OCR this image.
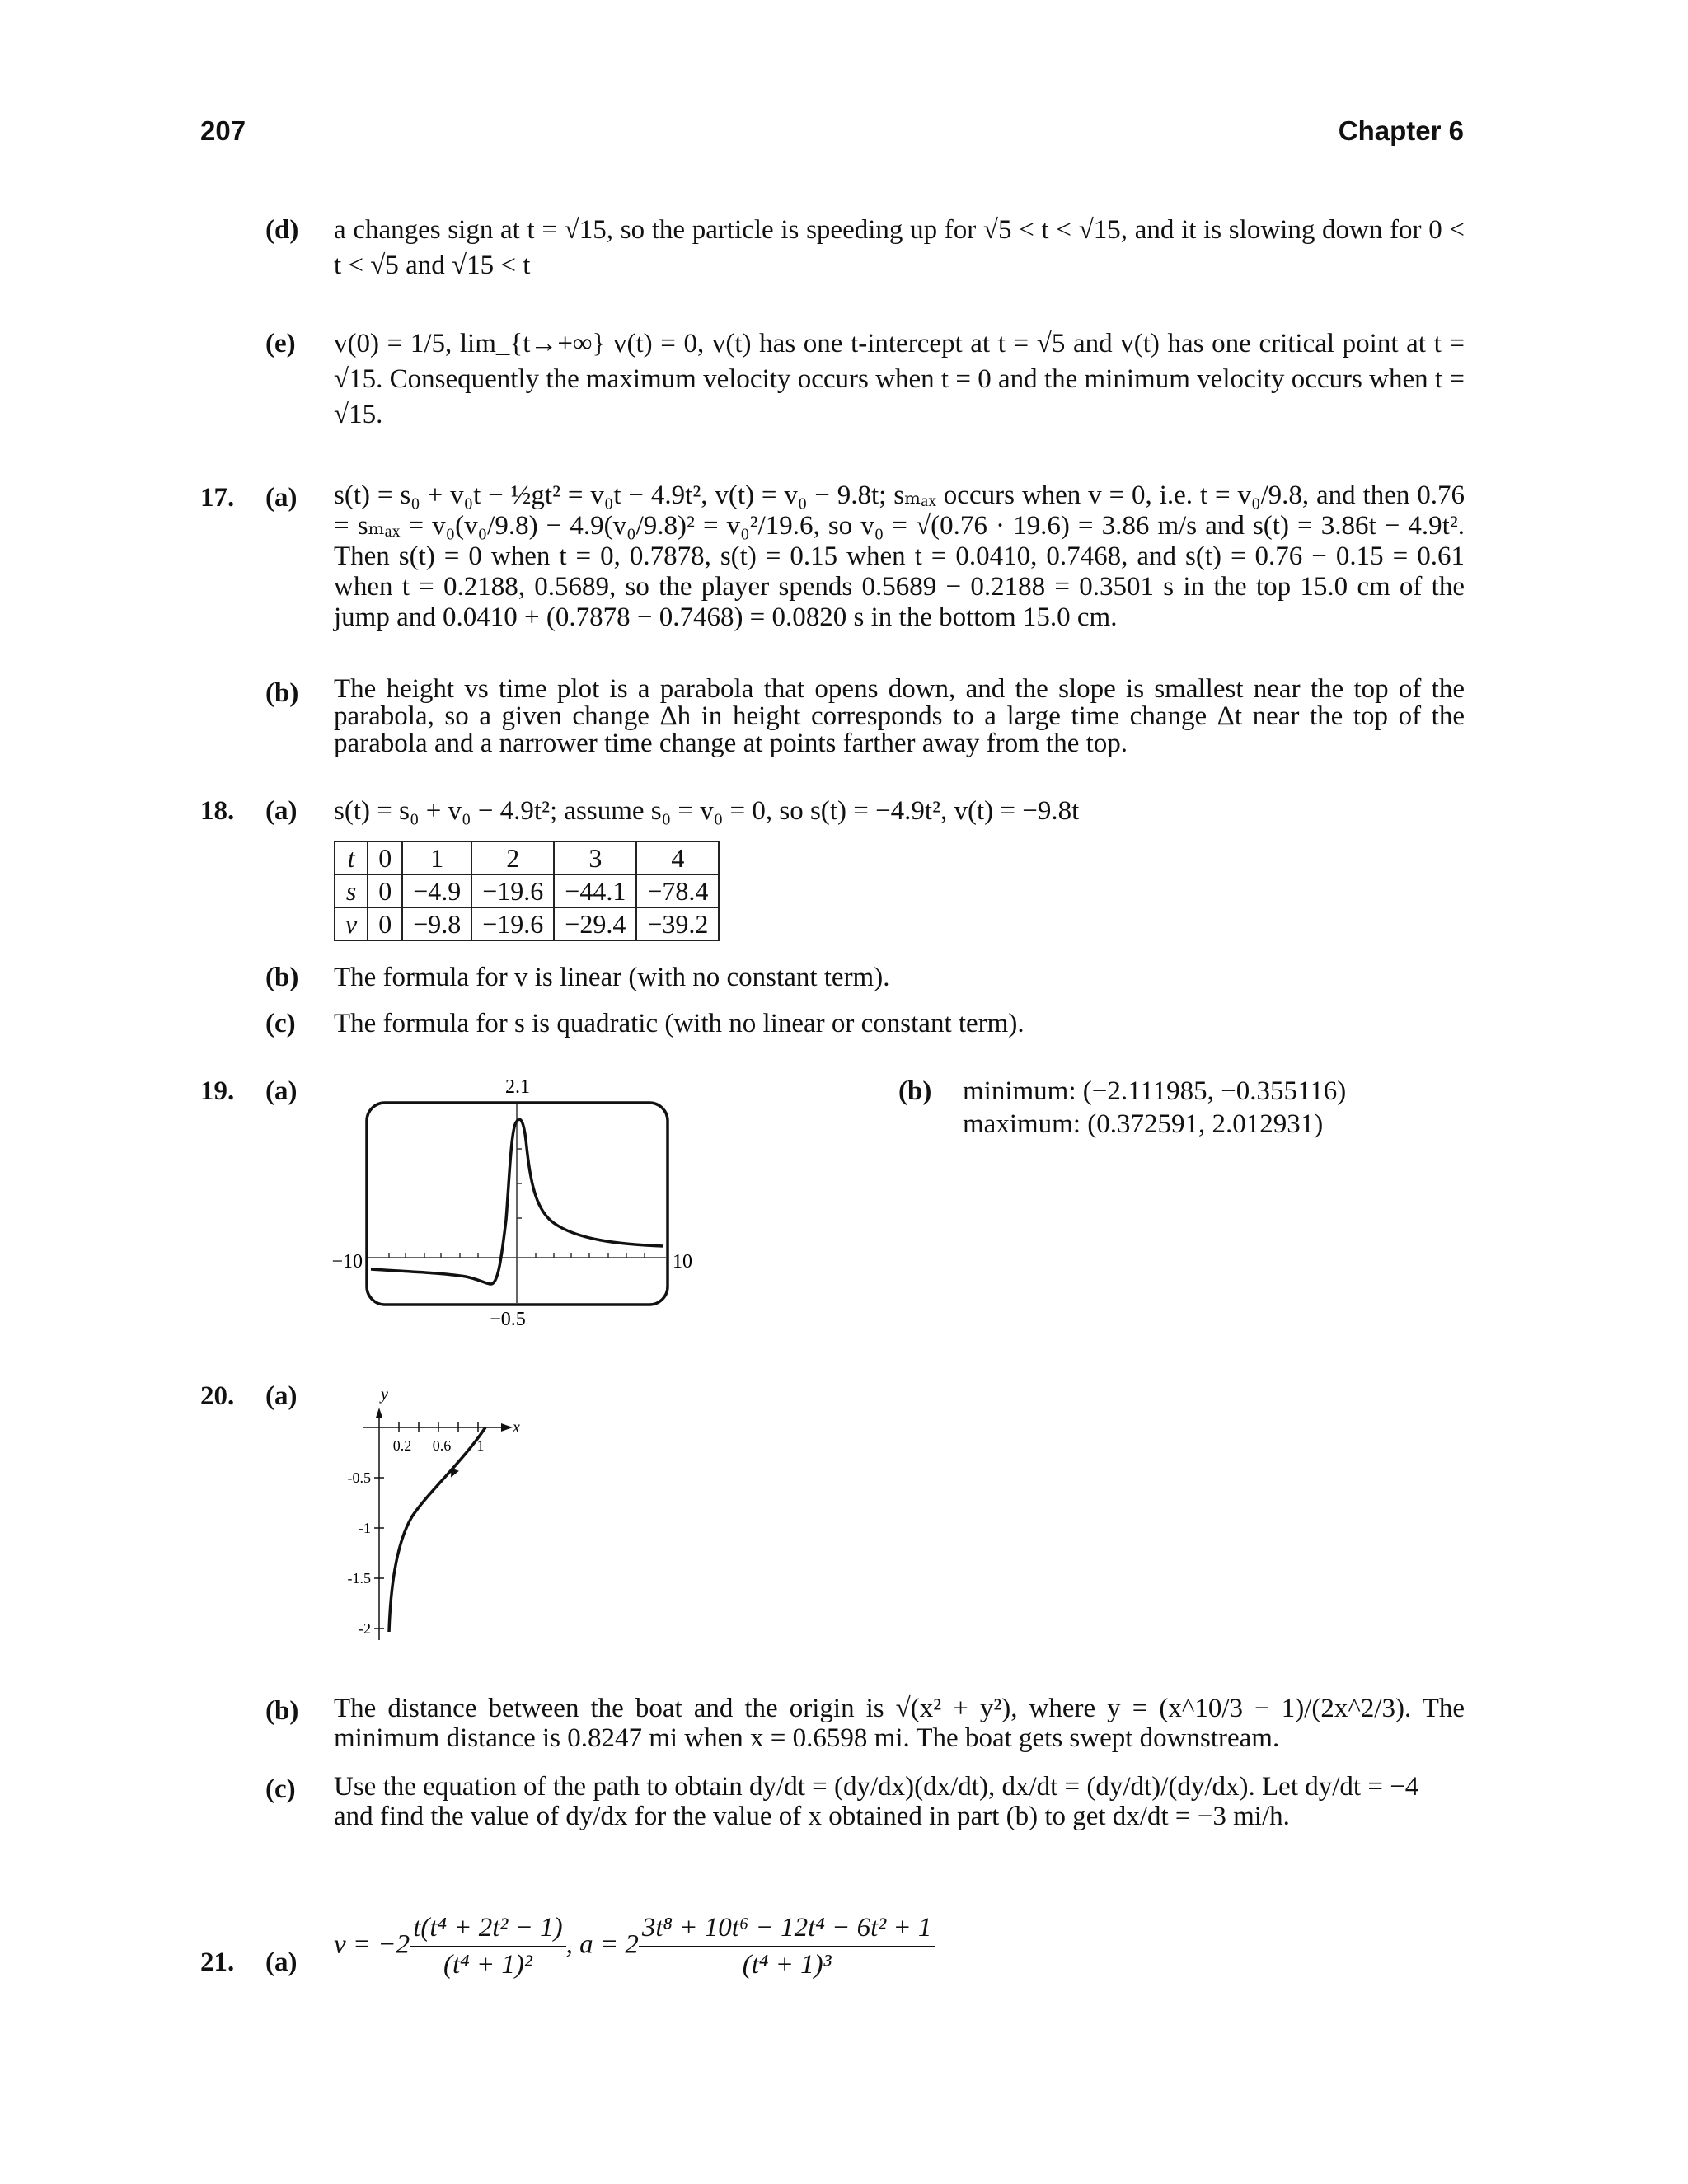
207	Chapter 6
(d) a changes sign at t = √15, so the particle is speeding up for √5 < t < √15, and it is slowing down for 0 < t < √5 and √15 < t
(e) v(0) = 1/5, lim_{t→+∞} v(t) = 0, v(t) has one t-intercept at t = √5 and v(t) has one critical point at t = √15. Consequently the maximum velocity occurs when t = 0 and the minimum velocity occurs when t = √15.
17. (a) s(t) = s₀ + v₀t − ½gt² = v₀t − 4.9t², v(t) = v₀ − 9.8t; sₘₐₓ occurs when v = 0, i.e. t = v₀/9.8, and then 0.76 = sₘₐₓ = v₀(v₀/9.8) − 4.9(v₀/9.8)² = v₀²/19.6, so v₀ = √(0.76 · 19.6) = 3.86 m/s and s(t) = 3.86t − 4.9t². Then s(t) = 0 when t = 0, 0.7878, s(t) = 0.15 when t = 0.0410, 0.7468, and s(t) = 0.76 − 0.15 = 0.61 when t = 0.2188, 0.5689, so the player spends 0.5689 − 0.2188 = 0.3501 s in the top 15.0 cm of the jump and 0.0410 + (0.7878 − 0.7468) = 0.0820 s in the bottom 15.0 cm.
(b) The height vs time plot is a parabola that opens down, and the slope is smallest near the top of the parabola, so a given change Δh in height corresponds to a large time change Δt near the top of the parabola and a narrower time change at points farther away from the top.
18. (a) s(t) = s₀ + v₀ − 4.9t²; assume s₀ = v₀ = 0, so s(t) = −4.9t², v(t) = −9.8t
t	0	1	2	3	4
s	0	−4.9	−19.6	−44.1	−78.4
v	0	−9.8	−19.6	−29.4	−39.2
(b) The formula for v is linear (with no constant term).
(c) The formula for s is quadratic (with no linear or constant term).
19. (a)	2.1
−10	10
−0.5
(b) minimum: (−2.111985, −0.355116)
maximum: (0.372591, 2.012931)
20. (a)	y
x
0.2 0.6 1
-0.5
-1
-1.5
-2
(b) The distance between the boat and the origin is √(x² + y²), where y = (x^10/3 − 1)/(2x^2/3). The minimum distance is 0.8247 mi when x = 0.6598 mi. The boat gets swept downstream.
(c) Use the equation of the path to obtain dy/dt = (dy/dx)(dx/dt), dx/dt = (dy/dt)/(dy/dx). Let dy/dt = −4 and find the value of dy/dx for the value of x obtained in part (b) to get dx/dt = −3 mi/h.
21. (a)
$v = -2 \frac{\text{t(t⁴ + 2t² − 1)}}{\text{(t⁴ + 1)²}}$ , $a = 2 \frac{\text{3t⁸ + 10t⁶ − 12t⁴ − 6t² + 1}}{\text{(t⁴ + 1)³}}$
